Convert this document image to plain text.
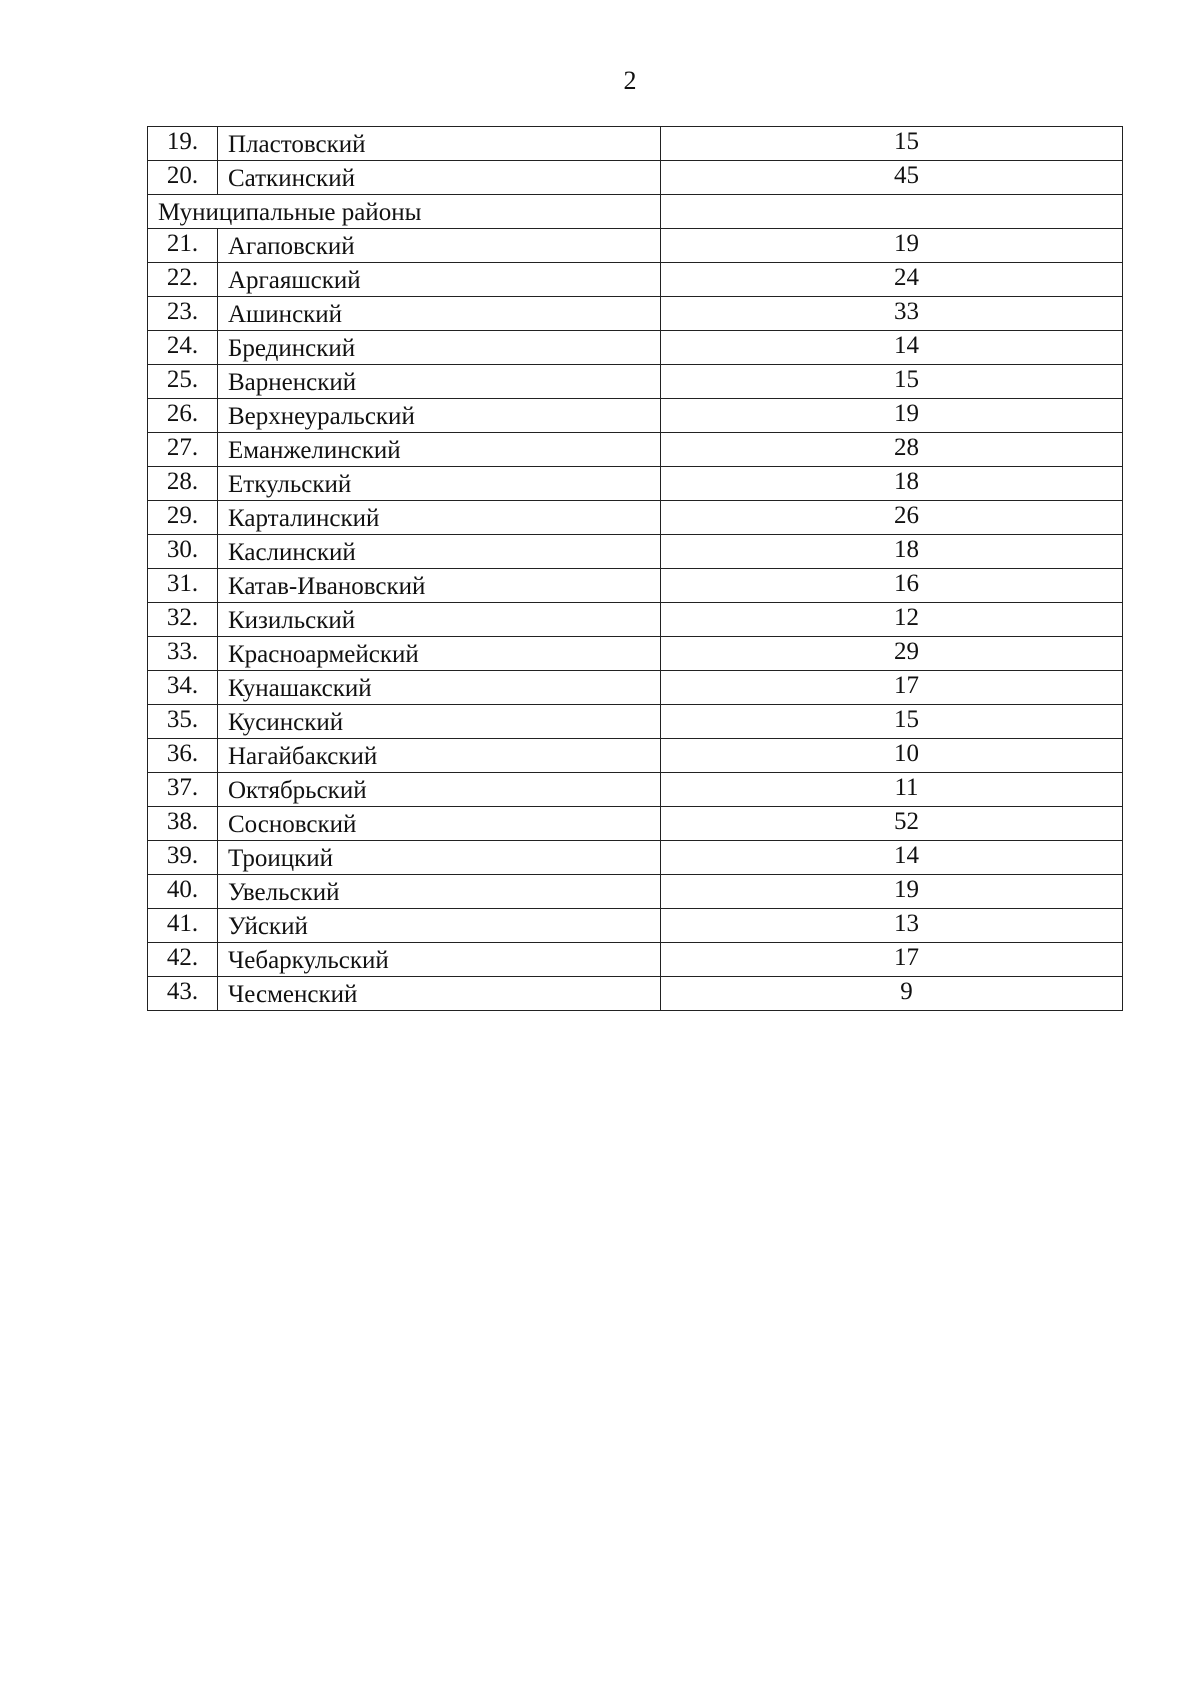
2
19.	Пластовский	15
20.	Саткинский	45
Муниципальные районы		
21.	Агаповский	19
22.	Аргаяшский	24
23.	Ашинский	33
24.	Брединский	14
25.	Варненский	15
26.	Верхнеуральский	19
27.	Еманжелинский	28
28.	Еткульский	18
29.	Карталинский	26
30.	Каслинский	18
31.	Катав-Ивановский	16
32.	Кизильский	12
33.	Красноармейский	29
34.	Кунашакский	17
35.	Кусинский	15
36.	Нагайбакский	10
37.	Октябрьский	11
38.	Сосновский	52
39.	Троицкий	14
40.	Увельский	19
41.	Уйский	13
42.	Чебаркульский	17
43.	Чесменский	9
